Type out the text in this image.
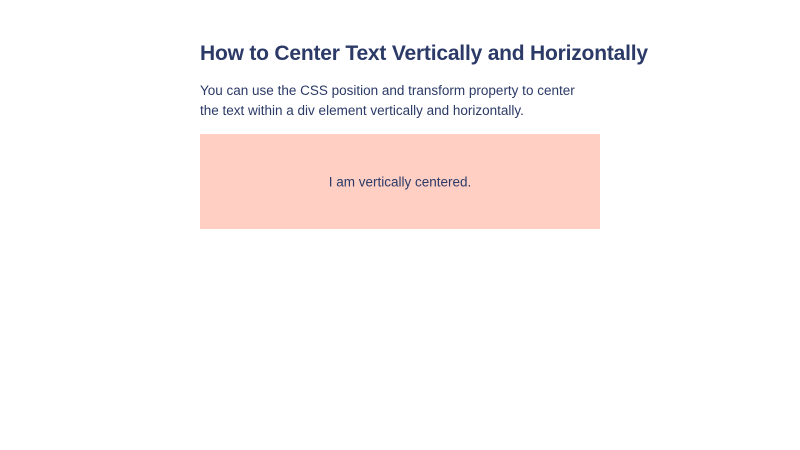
How to Center Text Vertically and Horizontally

You can use the CSS position and transform property to center the text within a div element vertically and horizontally.

I am vertically centered.
